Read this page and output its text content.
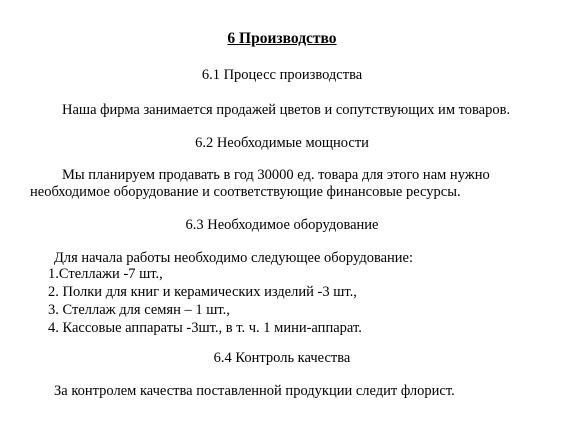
6 Производство
6.1 Процесс производства
Наша фирма занимается продажей цветов и сопутствующих им товаров.
6.2 Необходимые мощности
Мы планируем продавать в год 30000 ед. товара для этого нам нужно
необходимое оборудование и соответствующие финансовые ресурсы.
6.3 Необходимое оборудование
Для начала работы необходимо следующее оборудование:
1.Стеллажи -7 шт.,
2. Полки для книг и керамических изделий -3 шт.,
3. Стеллаж для семян – 1 шт.,
4. Кассовые аппараты -3шт., в т. ч. 1 мини-аппарат.
6.4 Контроль качества
За контролем качества поставленной продукции следит флорист.
